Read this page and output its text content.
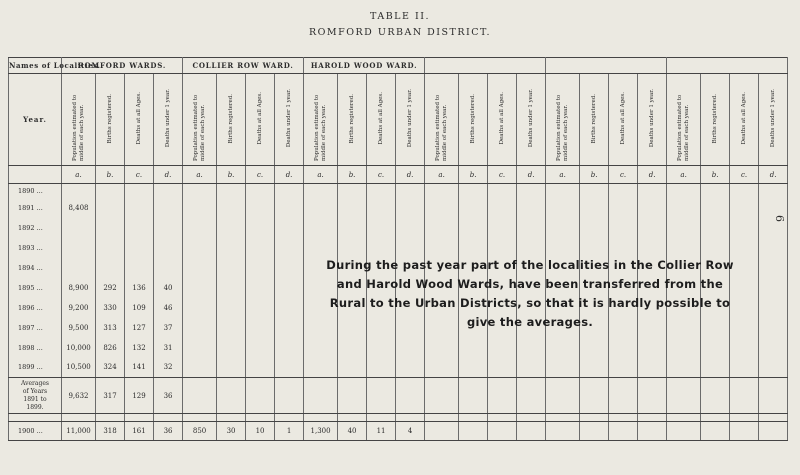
TABLE II.
ROMFORD URBAN DISTRICT.
6
Names of Localities.	ROMFORD WARDS.				COLLIER ROW WARD.				HAROLD WOOD WARD.															
Year.	Population estimated to middle of each year.	Births registered.	Deaths at all Ages.	Deaths under 1 year.	Population estimated to middle of each year.	Births registered.	Deaths at all Ages.	Deaths under 1 year.	Population estimated to middle of each year.	Births registered.	Deaths at all Ages.	Deaths under 1 year.	Population estimated to middle of each year.	Births registered.	Deaths at all Ages.	Deaths under 1 year.	Population estimated to middle of each year.	Births registered.	Deaths at all Ages.	Deaths under 1 year.	Population estimated to middle of each year.	Births registered.	Deaths at all Ages.	Deaths under 1 year.
	a.	b.	c.	d.	a.	b.	c.	d.	a.	b.	c.	d.	a.	b.	c.	d.	a.	b.	c.	d.	a.	b.	c.	d.
1890 ...																								
1891 ...	8,408																							
1892 ...																								
1893 ...																								
1894 ...																								
1895 ...	8,900	292	136	40																				
1896 ...	9,200	330	109	46																				
1897 ...	9,500	313	127	37																				
1898 ...	10,000	826	132	31																				
1899 ...	10,500	324	141	32																				

Averages
of Years
1891 to
1899.	9,632	317	129	36																				

1900 ...	11,000	318	161	36	850	30	10	1	1,300	40	11	4												
During the past year part of the localities in the Collier Row and Harold Wood Wards, have been transferred from the Rural to the Urban Districts, so that it is hardly possible to give the averages.
